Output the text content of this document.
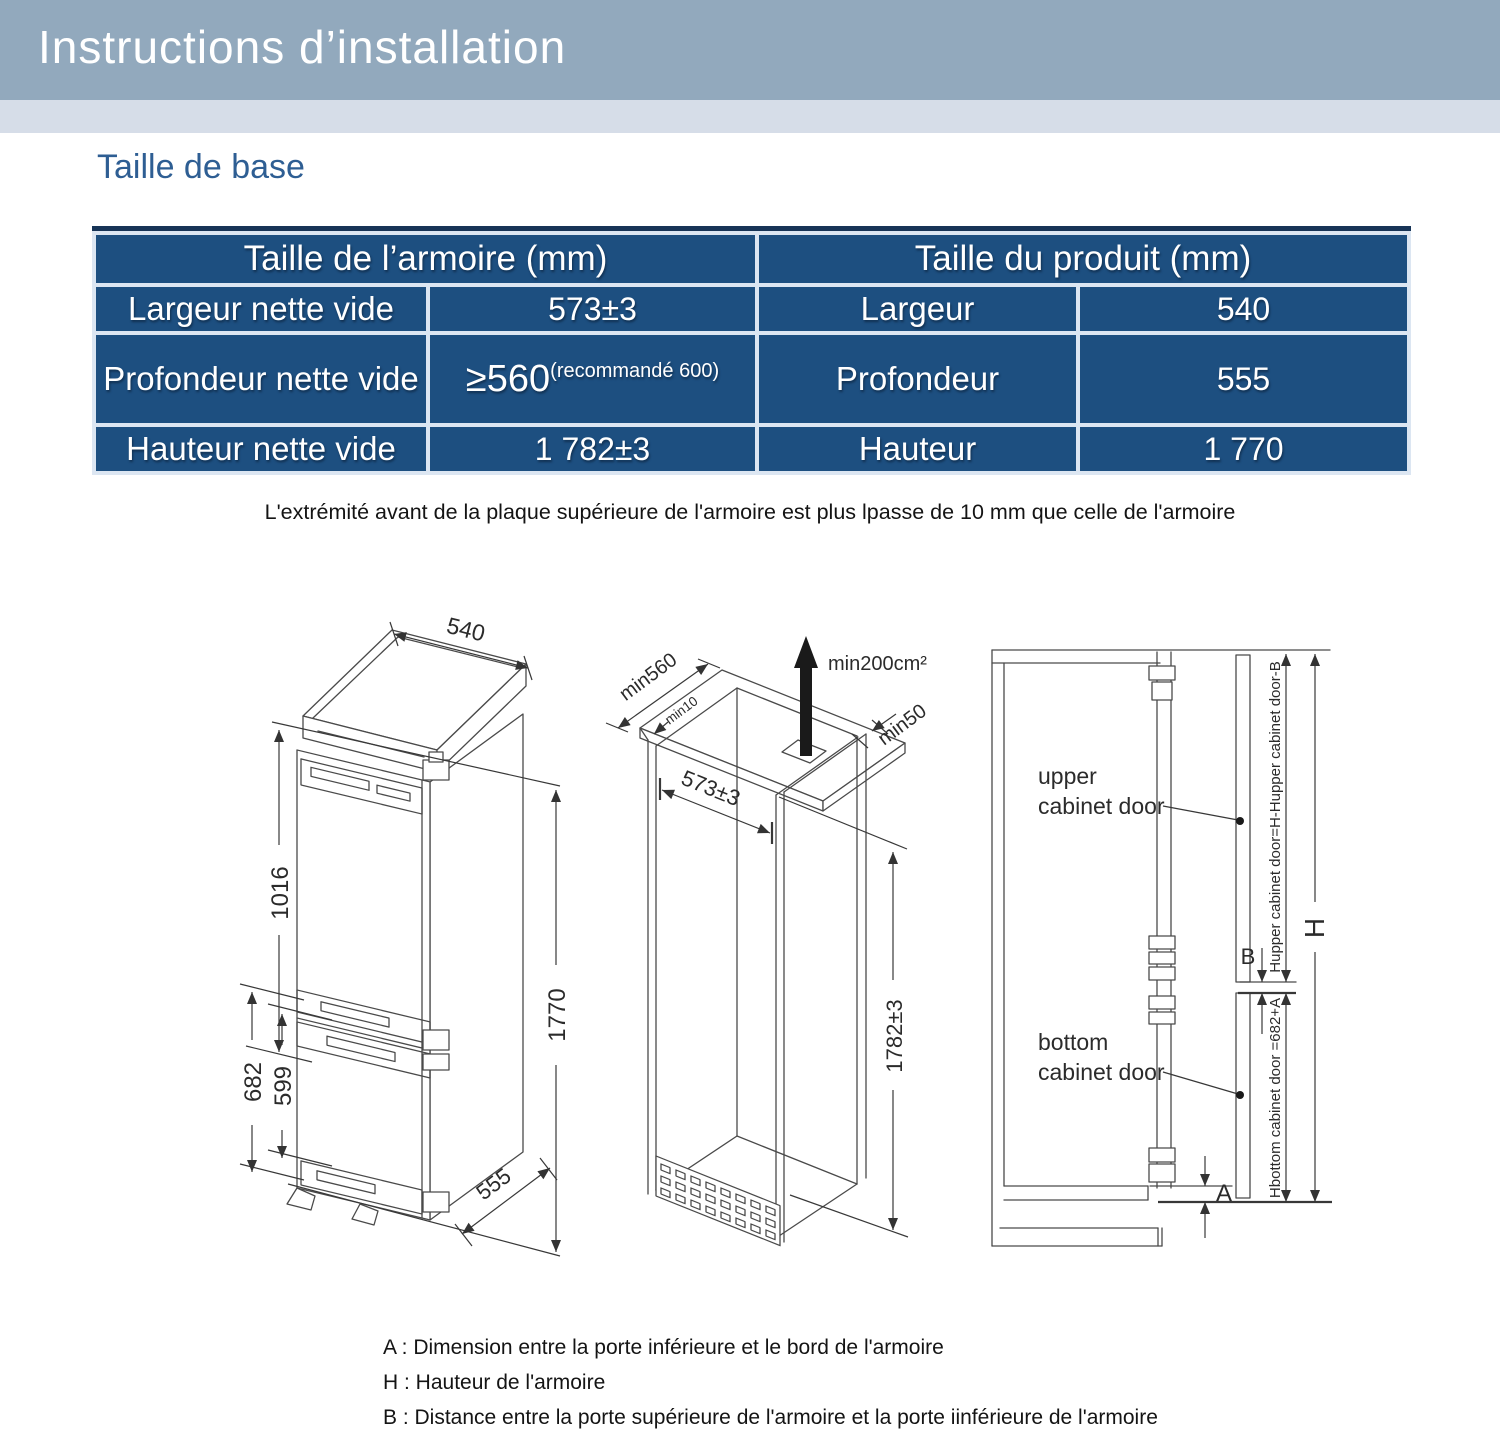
Instructions d’installation
Taille de base
Taille de l’armoire (mm)		Taille du produit (mm)	
Largeur nette vide	573±3	Largeur	540
Profondeur nette vide	≥560$^{(recommandé 600)}$	Profondeur	555
Hauteur nette vide	1 782±3	Hauteur	1 770
L'extrémité avant de la plaque supérieure de l'armoire est plus lpasse de 10 mm que celle de l'armoire
540
1016
682 599
1770
555
min200cm²
min560
min10	min50
573±3
1782±3
upper
cabinet door
bottom
cabinet door
B Hupper cabinet door=H-Hupper cabinet door-B
Hbottom cabinet door =682+A
H
A
A : Dimension entre la porte inférieure et le bord de l'armoire
H : Hauteur de l'armoire
B : Distance entre la porte supérieure de l'armoire et la porte iinférieure de l'armoire
